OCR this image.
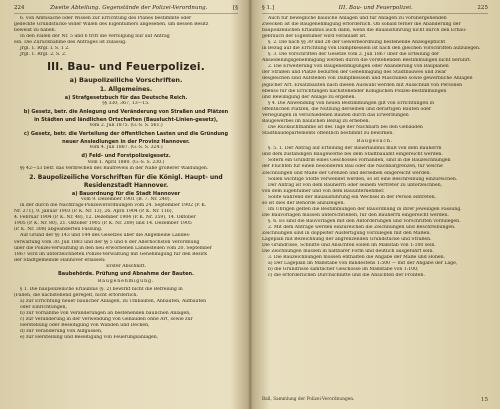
224	Zweite Abteilung. Gegenstände der Polizei-Verordnung.	[§

6. von Amtssache oder Wissen zur Errichtung des Planes bestimmte oder

gedeckte Grundstücke wider Willen des Eigentümers angesehen, um dessen Besitz

beweist zu haben.

In den Fällen der Nr. 5 und 6 tritt die Verfolgung nur auf Antrag

ein. Die Zurücknahme des Antrages ist zulässig.

Jrgl. 1. Rrgl. I. S. 1 2.

Jrgl. 1. Rrgl. 2. S. 2.

III. Bau- und Feuerpolizei.
a) Baupolizeiliche Vorschriften.
1. Allgemeines.
a) Strafgesetzbuch für das Deutsche Reich.

§§ 330, 367, 13—15.

b) Gesetz, betr. die Anlegung und Veränderung von Straßen und Plätzen
in Städten und ländlichen Ortschaften (Bauslucht-Linien-gesetz),

Vom 2. Juli 1875. (G.-S. S. 561.)

c) Gesetz, betr. die Verteilung der öffentlichen Lasten und die Gründung
neuer Ansiedlungen in der Provinz Hannover.

Vom 4. Juli 1887. (G.-S. S. 324.)

d) Feld- und Forstpolizeigesetz.

Vom 1. April 1880. (G.-S. S. 230.)

§§ 42—53 betr. das Verbrechen des Baufrevels in der Nähe größerer Waldungen.

2. Baupolizeiliche Vorschriften für die Königl. Haupt- und
Residenzstadt Hannover.
a) Bauordnung für die Stadt Hannover

vom 9. Dezember 1901 (B. 7. Nr. 240).

in der durch die Nachtrags-Polizeiverordnungen vom 24. September 1902 (P. K.

Nr. 271), 9. Januar 1903 (P. K. Nr. 13), 26. April 1904 (P. K. Nr. 116),

4. Februar 1904 (P. K. Nr. 48), 12. Dezember 1904 (P. K. Nr. 359), 14. Oktober

1905 (P. K. Nr. 80), 21. Oktober 1905 (P. K. Nr. 289) und 14. Dezember 1905

(P. K. Nr. 308) abgeänderten Fassung.

Auf Grund der §§ 143 und 144 des Gesetzes über die Allgemeine Landes-

verwaltung vom 30. Juli 1883 und der §§ 5 und 6 der Allerhöchsten Verordnung

über die Polizei-Verwaltung in den neu erworbenen Landesteilen vom 20. September

1867 wird im unterzeichneten Polizei-Verwaltung mit Genehmigung für den Bezirk

der Stadtgemeinde Hannover erlassen:

Erster Abschnitt.

Baubehörde. Prüfung und Abnahme der Bauten.

Baugenehmigung.

§ 1. Die baupolizeiliche Erlaubnis (§. 2) bewirkt nicht die Befreiung in

(Fällen, die nachstehend geregelt, nicht erforderlich.

a) zur Errichtung neuer baulicher Anlagen, zu Umbauten, Anbauten, Aufbauten

oder Einrichtungen,

b) zur Vornahme von Veränderungen an bestehenden baulichen Anlagen,

c) zur Veränderung in der Verwendung von Gebäuden ohne Art, sowie zur

Herstellung oder Beseitigung von Wänden und Decken,

d) zur Veränderung von Aufgüssen,

e) zur Herstellung und Beseitigung von Feuerungsanlagen,

§ 1.]	III. Bau- und Feuerpolizei.	225

Auch für bewegliche bauliche Anlagen und für Anlagen zu vorübergehenden

Zwecken ist die Baugenehmigung erforderlich. Ob sobald ferner die Abänderung der

baupolizeilichen Erlaubnis auch dann, wenn die Bauausführung nicht durch den Erbau-

gebrauch der Eigentümer wird veranlaßt ist.

§. 2. Die nach §§ 39 und 28 der Gewerbeordnung bestehende Anzeigepflicht

in Bezug auf die Errichtung von Dampfkesseln ist nach den gleichen Vorschriften aufzulegen.

§. 3. Die Vorschriften der Gesetze vom 2. Juli 1867 über die Erteilung der

Ansiedelungsgenehmigung werden durch die vorstehenden Bestimmungen nicht berührt.

2. Die Erweiterung von Baugenehmigungen oder Abänderung von Bauplänen

der Straßen und Plätze bedürfen der Genehmigung des Stadtbauwes und zwar

desgleichen sind Aufstellen von Dampfkesseln und Maschinen sowie gewerbliche Anlagen

jeglicher Art. Ersatzbauten nach diesen Auswahl werden mit Ausschluß von Personen

ebenso für die Errichtungen nachstehender Königlichen Polizei-Bestimmungen

und Bewilligung der Anlage zu ergehen.

§ 4. Die Anwendung von neuen Bestimmungen gilt von Errichtungen in

öffentlichen Plätzen, die Nutzung derselben und derartigen Bauten oder

Verlegungen in verschiedenen Bauten durch das Erwerbungen

Baugewerbes im baulichen Bezug zu erheben.

Die Rücksichtnahme ist des Tage der Nachbarn bei den Gebäuden

Stadtbaudepartements öffentlich bestimmt zu bewirken.

Baugesuch.

§. 5. 1. Der Antrag auf Erteilung der Bauerlaubnis muß von dem Bauherrn

und dem zuständigen Baugewerbe bei dem Stadtbauamt eingereicht werden.

Sofern ein Grundriß eines Geschosses vorhanden, sind in die Bauzeichnungen

der Fluchten für einen besonderen Bau oder die Nachbargrenzen, für welche

Zeichnungen und Maße der Grenzen und derselben eingereicht werden.

Sollen wichtige Stoffe verwendet werden, so ist eine Beschreibung einzureichen.

Der Antrag ist von dem Bauherrn oder seinem Vertreter zu unterzeichnen,

von dem Eigentümer und von dem Bauunternehmer.

Sollte während der Bauausführung ein Wechsel in der Person eintreten,

so ist dies der Behörde anzuzeigen.

Im Übrigen gelten die Bestimmungen der Bauordnung in ihrer jeweiligen Fassung.

Die Bauvorlagen müssen unterschrieben, für den Bauherrn eingereicht werden.

§. 6. Es sind die Bauvorlagen mit den Anforderungen und Vorschriften vorzulegen.

2. Mit dem Antrage werden einzureichen die Zeichnungen und Beschreibungen.

Zeichnungen sind in doppelter Ausfertigung vorzulegen mit den Maßen.

Lageplan mit Bezeichnung der angrenzenden Grundstücke und Straßen.

Die Grundrisse, Schnitte und Ansichten sollen im Maßstab von 1:100 sein.

Die Zeichnungen müssen in haltbarer Form und deutlich ausgeführt sein.

3. Die Bauzeichnungen müssen enthalten die Angabe der Maße und Höhen.

a) Der Lageplan im Maßstabe von mindestens 1:500 — mit der Angabe der Lage,

b) die Grundrisse sämtlicher Geschosse im Maßstabe von 1:100,

c) die erforderlichen Durchschnitte und die Ansichten der Fronten.

Ball, Sammlung der Polizei-Verordnungen.	15
